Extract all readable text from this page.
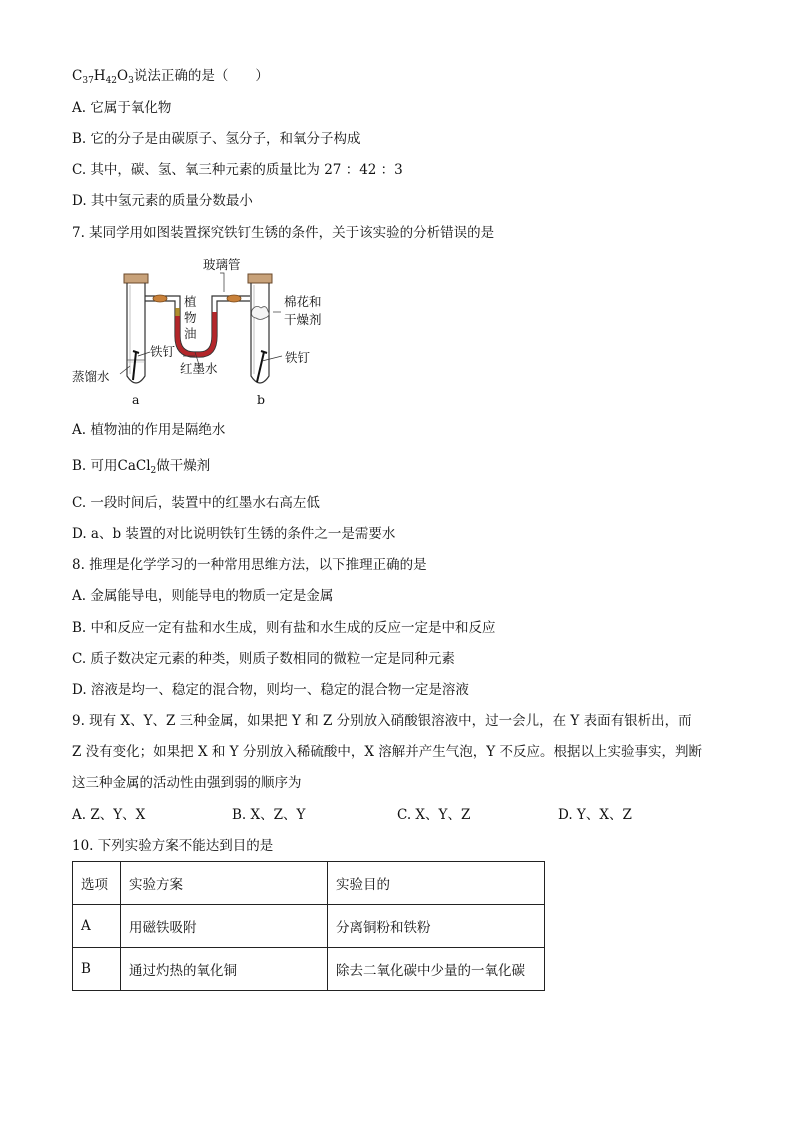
$C_{37}H_{42}O_3$说法正确的是（　　）
A. 它属于氧化物
B. 它的分子是由碳原子、氢分子，和氧分子构成
C. 其中，碳、氢、氧三种元素的质量比为 27 ：42 ：3
D. 其中氢元素的质量分数最小
7. 某同学用如图装置探究铁钉生锈的条件，关于该实验的分析错误的是
玻璃管
植
物
油
棉花和
干燥剂
铁钉	铁钉
蒸馏水
红墨水
a	b
A. 植物油的作用是隔绝水
B. 可用CaCl$_2$做干燥剂
C. 一段时间后，装置中的红墨水右高左低
D. a、b 装置的对比说明铁钉生锈的条件之一是需要水
8. 推理是化学学习的一种常用思维方法，以下推理正确的是
A. 金属能导电，则能导电的物质一定是金属
B. 中和反应一定有盐和水生成，则有盐和水生成的反应一定是中和反应
C. 质子数决定元素的种类，则质子数相同的微粒一定是同种元素
D. 溶液是均一、稳定的混合物，则均一、稳定的混合物一定是溶液
9. 现有 X、Y、Z 三种金属，如果把 Y 和 Z 分别放入硝酸银溶液中，过一会儿，在 Y 表面有银析出，而
Z 没有变化；如果把 X 和 Y 分别放入稀硫酸中，X 溶解并产生气泡，Y 不反应。根据以上实验事实，判断
这三种金属的活动性由强到弱的顺序为
A. Z、Y、X	B. X、Z、Y	C. X、Y、Z	D. Y、X、Z
10. 下列实验方案不能达到目的是
选项	实验方案	实验目的
A	用磁铁吸附	分离铜粉和铁粉
B	通过灼热的氧化铜	除去二氧化碳中少量的一氧化碳
